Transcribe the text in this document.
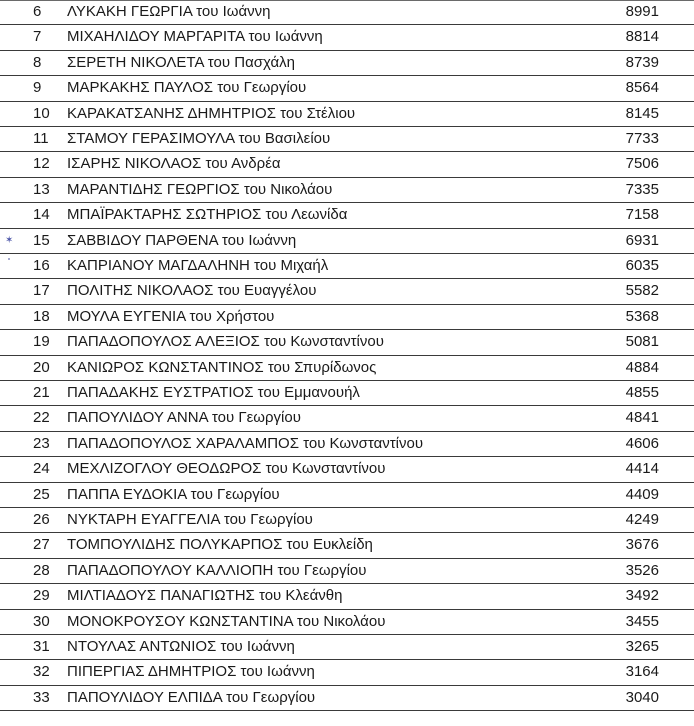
6 ΛΥΚΑΚΗ ΓΕΩΡΓΙΑ του Ιωάννη	8991
7 ΜΙΧΑΗΛΙΔΟΥ ΜΑΡΓΑΡΙΤΑ του Ιωάννη	8814
8 ΣΕΡΕΤΗ ΝΙΚΟΛΕΤΑ του Πασχάλη	8739
9 ΜΑΡΚΑΚΗΣ ΠΑΥΛΟΣ του Γεωργίου	8564
10 ΚΑΡΑΚΑΤΣΑΝΗΣ ΔΗΜΗΤΡΙΟΣ του Στέλιου	8145
11 ΣΤΑΜΟΥ ΓΕΡΑΣΙΜΟΥΛΑ του Βασιλείου	7733
12 ΙΣΑΡΗΣ ΝΙΚΟΛΑΟΣ του Ανδρέα	7506
13 ΜΑΡΑΝΤΙΔΗΣ ΓΕΩΡΓΙΟΣ του Νικολάου	7335
14 ΜΠΑΪΡΑΚΤΑΡΗΣ ΣΩΤΗΡΙΟΣ του Λεωνίδα	7158
15 ΣΑΒΒΙΔΟΥ ΠΑΡΘΕΝΑ του Ιωάννη	6931
16 ΚΑΠΡΙΑΝΟΥ ΜΑΓΔΑΛΗΝΗ του Μιχαήλ	6035
17 ΠΟΛΙΤΗΣ ΝΙΚΟΛΑΟΣ του Ευαγγέλου	5582
18 ΜΟΥΛΑ ΕΥΓΕΝΙΑ του Χρήστου	5368
19 ΠΑΠΑΔΟΠΟΥΛΟΣ ΑΛΕΞΙΟΣ του Κωνσταντίνου	5081
20 ΚΑΝΙΩΡΟΣ ΚΩΝΣΤΑΝΤΙΝΟΣ του Σπυρίδωνος	4884
21 ΠΑΠΑΔΑΚΗΣ ΕΥΣΤΡΑΤΙΟΣ του Εμμανουήλ	4855
22 ΠΑΠΟΥΛΙΔΟΥ ΑΝΝΑ του Γεωργίου	4841
23 ΠΑΠΑΔΟΠΟΥΛΟΣ ΧΑΡΑΛΑΜΠΟΣ του Κωνσταντίνου	4606
24 ΜΕΧΛΙΖΟΓΛΟΥ ΘΕΟΔΩΡΟΣ του Κωνσταντίνου	4414
25 ΠΑΠΠΑ ΕΥΔΟΚΙΑ του Γεωργίου	4409
26 ΝΥΚΤΑΡΗ ΕΥΑΓΓΕΛΙΑ του Γεωργίου	4249
27 ΤΟΜΠΟΥΛΙΔΗΣ ΠΟΛΥΚΑΡΠΟΣ του Ευκλείδη	3676
28 ΠΑΠΑΔΟΠΟΥΛΟΥ ΚΑΛΛΙΟΠΗ του Γεωργίου	3526
29 ΜΙΛΤΙΑΔΟΥΣ ΠΑΝΑΓΙΩΤΗΣ του Κλεάνθη	3492
30 ΜΟΝΟΚΡΟΥΣΟΥ ΚΩΝΣΤΑΝΤΙΝΑ του Νικολάου	3455
31 ΝΤΟΥΛΑΣ ΑΝΤΩΝΙΟΣ του Ιωάννη	3265
32 ΠΙΠΕΡΓΙΑΣ ΔΗΜΗΤΡΙΟΣ του Ιωάννη	3164
33 ΠΑΠΟΥΛΙΔΟΥ ΕΛΠΙΔΑ του Γεωργίου	3040
✶
